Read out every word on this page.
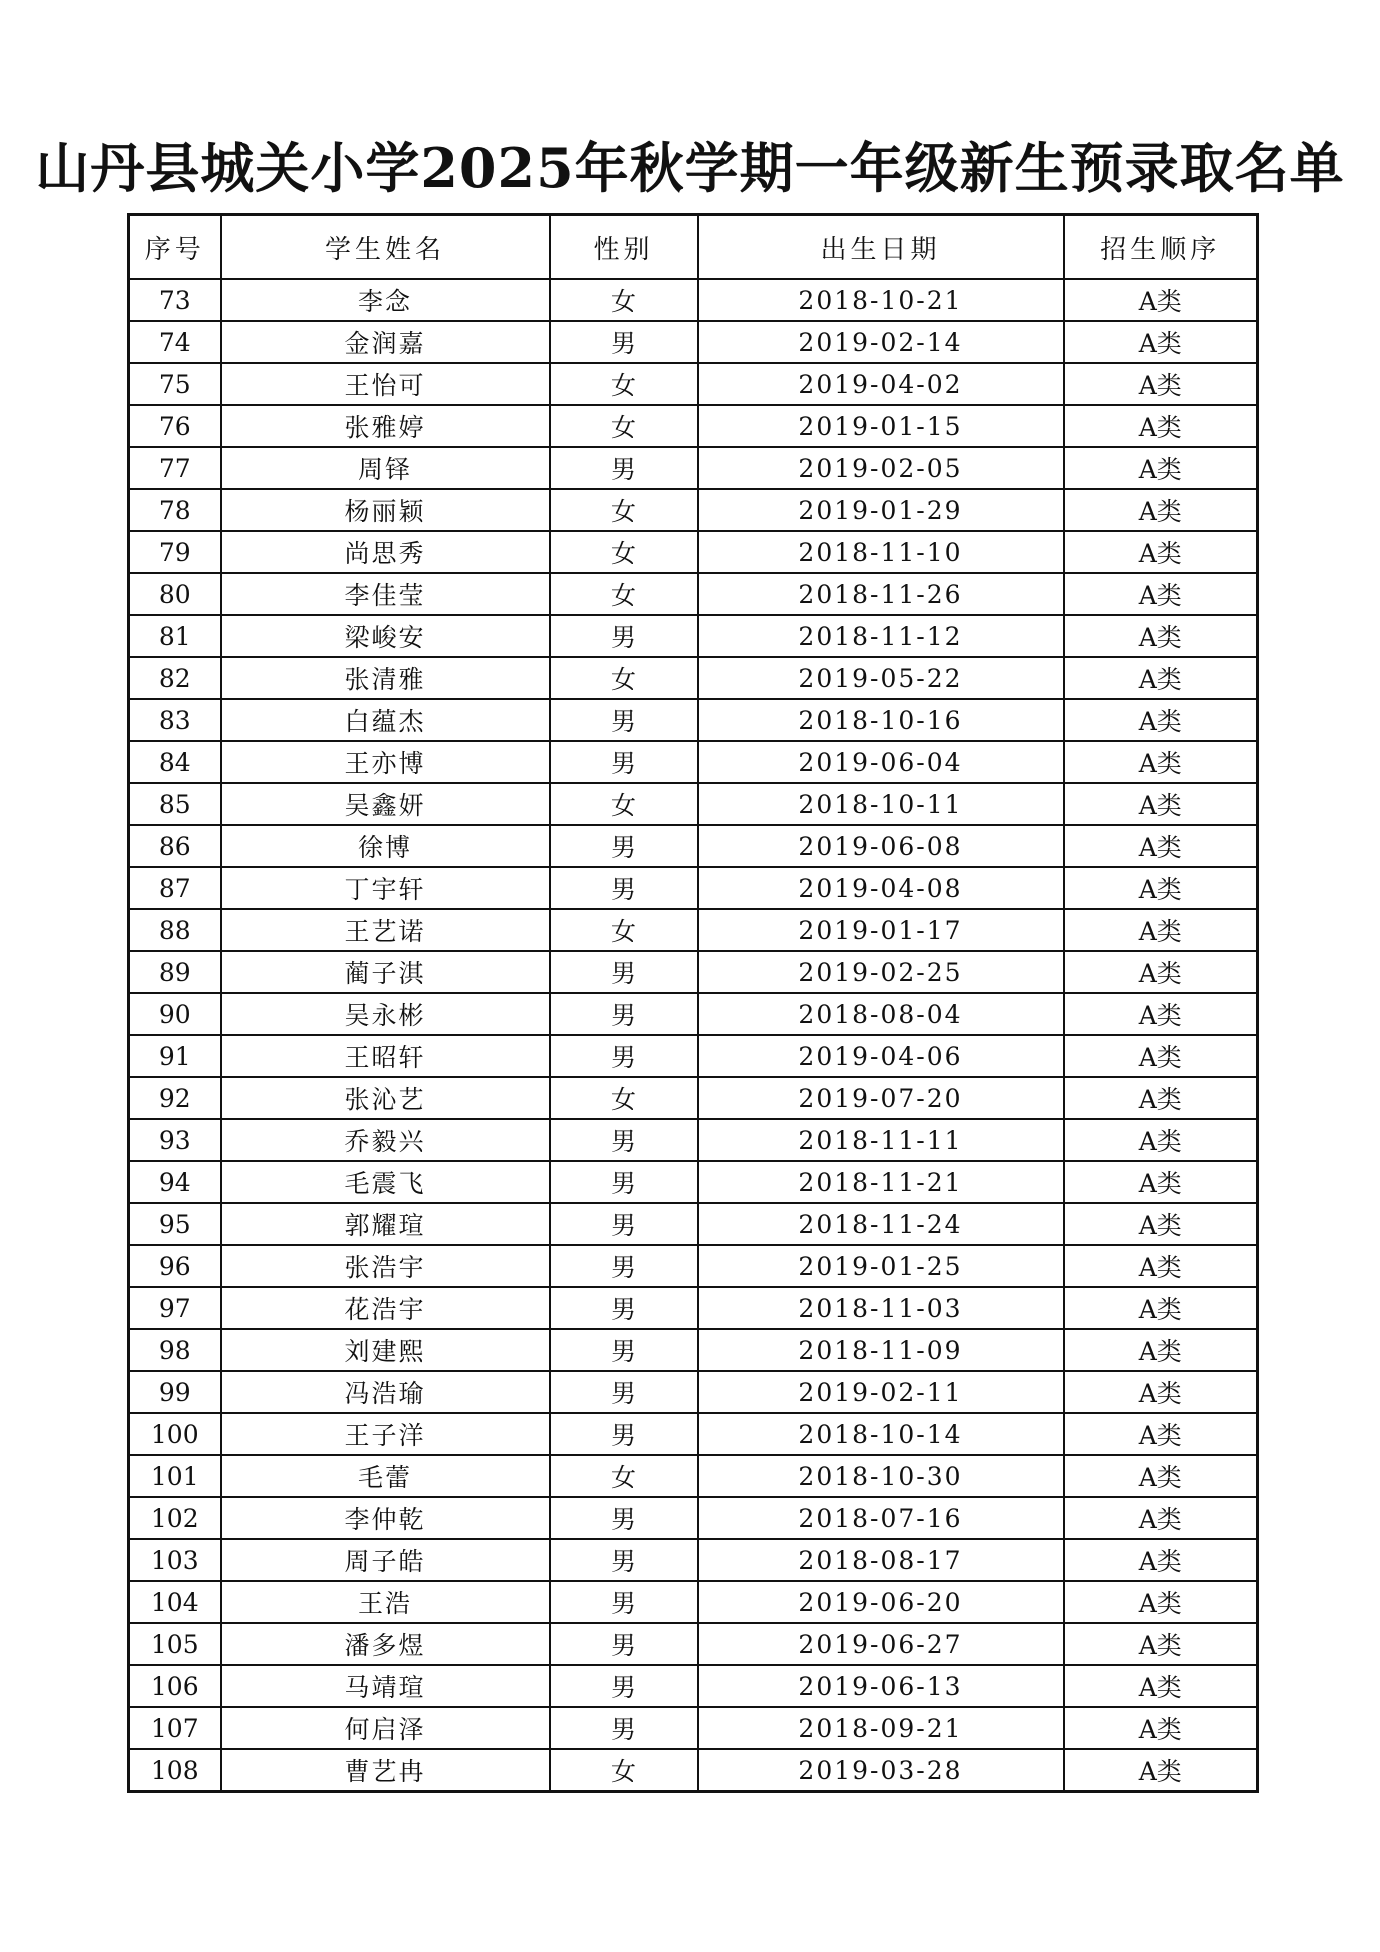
山丹县城关小学2025年秋学期一年级新生预录取名单
序号	学生姓名	性别	出生日期	招生顺序
73	李念	女	2018-10-21	A类
74	金润嘉	男	2019-02-14	A类
75	王怡可	女	2019-04-02	A类
76	张雅婷	女	2019-01-15	A类
77	周铎	男	2019-02-05	A类
78	杨丽颖	女	2019-01-29	A类
79	尚思秀	女	2018-11-10	A类
80	李佳莹	女	2018-11-26	A类
81	梁峻安	男	2018-11-12	A类
82	张清雅	女	2019-05-22	A类
83	白蕴杰	男	2018-10-16	A类
84	王亦博	男	2019-06-04	A类
85	吴鑫妍	女	2018-10-11	A类
86	徐博	男	2019-06-08	A类
87	丁宇轩	男	2019-04-08	A类
88	王艺诺	女	2019-01-17	A类
89	蔺子淇	男	2019-02-25	A类
90	吴永彬	男	2018-08-04	A类
91	王昭轩	男	2019-04-06	A类
92	张沁艺	女	2019-07-20	A类
93	乔毅兴	男	2018-11-11	A类
94	毛震飞	男	2018-11-21	A类
95	郭耀瑄	男	2018-11-24	A类
96	张浩宇	男	2019-01-25	A类
97	花浩宇	男	2018-11-03	A类
98	刘建熙	男	2018-11-09	A类
99	冯浩瑜	男	2019-02-11	A类
100	王子洋	男	2018-10-14	A类
101	毛蕾	女	2018-10-30	A类
102	李仲乾	男	2018-07-16	A类
103	周子皓	男	2018-08-17	A类
104	王浩	男	2019-06-20	A类
105	潘多煜	男	2019-06-27	A类
106	马靖瑄	男	2019-06-13	A类
107	何启泽	男	2018-09-21	A类
108	曹艺冉	女	2019-03-28	A类
